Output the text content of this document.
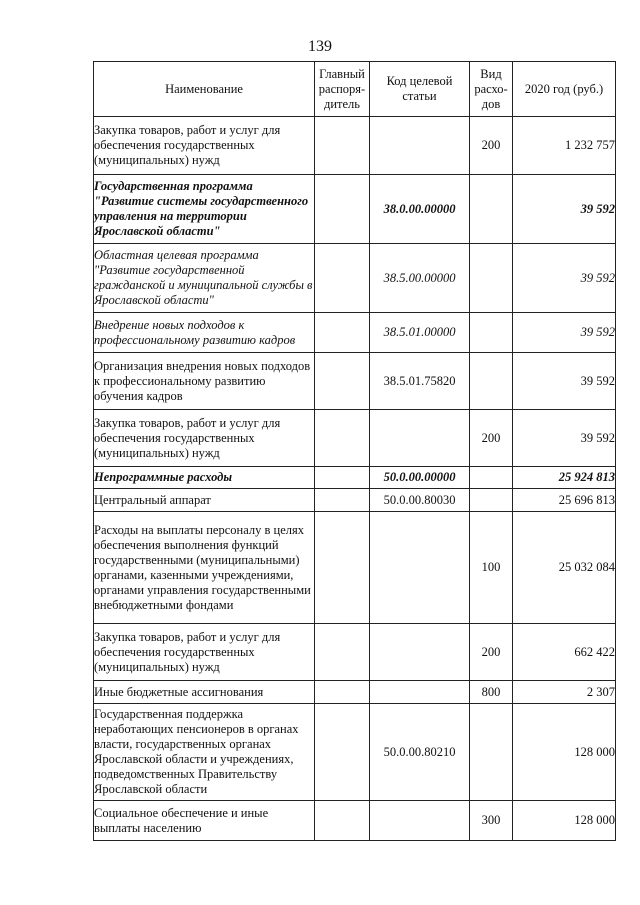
139
Наименование	Главный распоря-дитель	Код целевой статьи	Вид расхо-дов	2020 год (руб.)
Закупка товаров, работ и услуг для обеспечения государственных (муниципальных) нужд			200	1 232 757
Государственная программа "Развитие системы государственного управления на территории Ярославской области"		38.0.00.00000		39 592
Областная целевая программа "Развитие государственной гражданской и муниципальной службы в Ярославской области"		38.5.00.00000		39 592
Внедрение новых подходов к профессиональному развитию кадров		38.5.01.00000		39 592
Организация внедрения новых подходов к профессиональному развитию обучения кадров		38.5.01.75820		39 592
Закупка товаров, работ и услуг для обеспечения государственных (муниципальных) нужд			200	39 592
Непрограммные расходы		50.0.00.00000		25 924 813
Центральный аппарат		50.0.00.80030		25 696 813
Расходы на выплаты персоналу в целях обеспечения выполнения функций государственными (муниципальными) органами, казенными учреждениями, органами управления государственными внебюджетными фондами			100	25 032 084
Закупка товаров, работ и услуг для обеспечения государственных (муниципальных) нужд			200	662 422
Иные бюджетные ассигнования			800	2 307
Государственная поддержка неработающих пенсионеров в органах власти, государственных органах Ярославской области и учреждениях, подведомственных Правительству Ярославской области		50.0.00.80210		128 000
Социальное обеспечение и иные выплаты населению			300	128 000
